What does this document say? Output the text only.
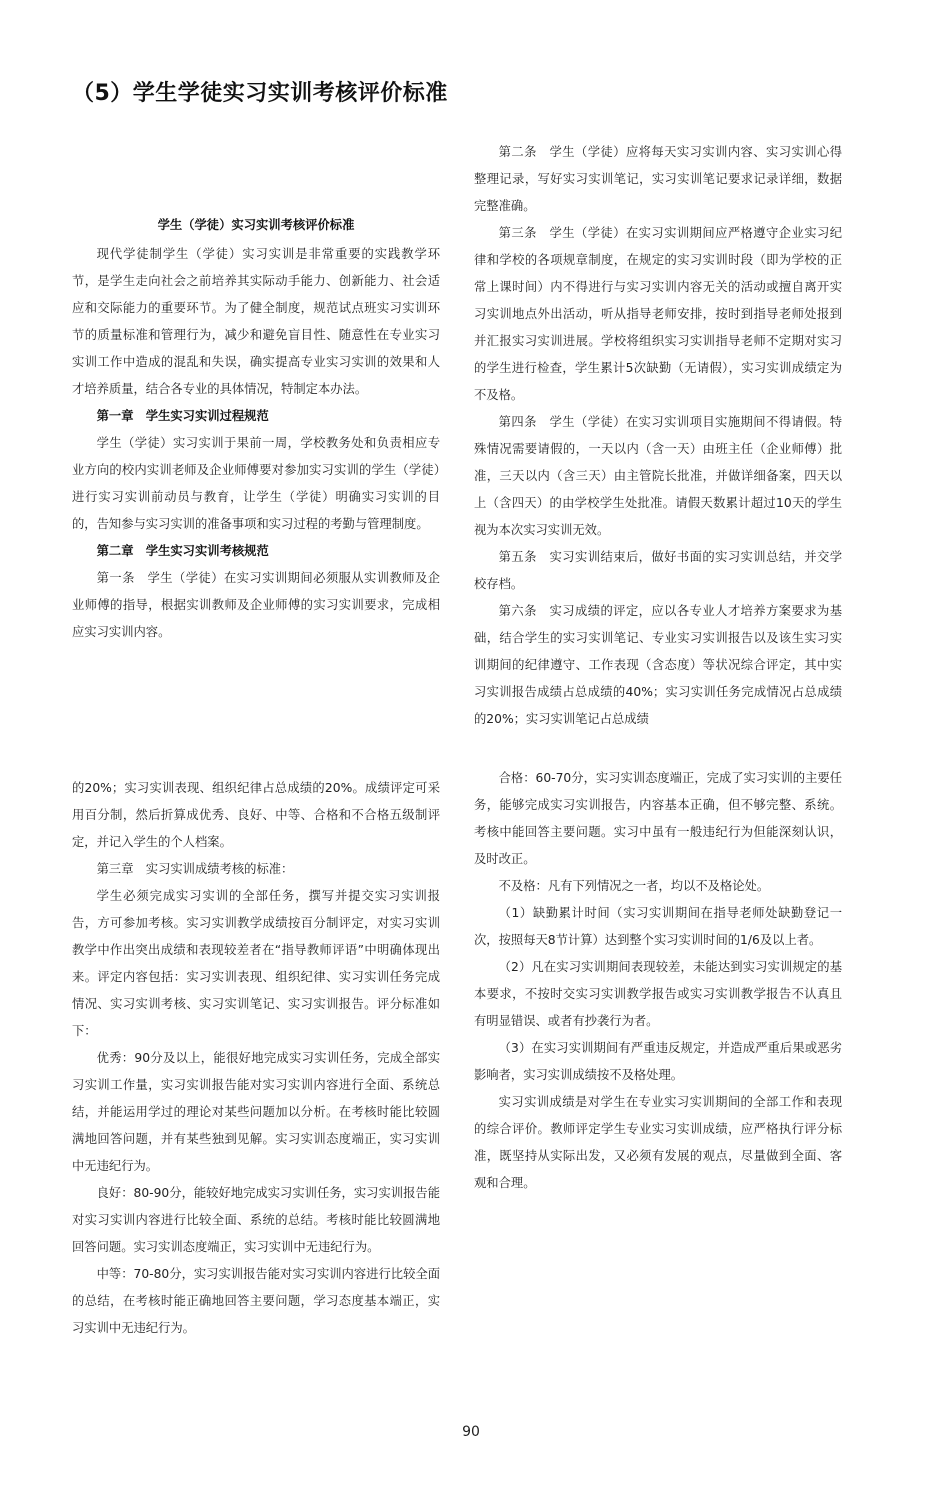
（5）学生学徒实习实训考核评价标准

学生（学徒）实习实训考核评价标准

现代学徒制学生（学徒）实习实训是非常重要的实践教学环节，是学生走向社会之前培养其实际动手能力、创新能力、社会适应和交际能力的重要环节。为了健全制度，规范试点班实习实训环节的质量标准和管理行为，减少和避免盲目性、随意性在专业实习实训工作中造成的混乱和失误，确实提高专业实习实训的效果和人才培养质量，结合各专业的具体情况，特制定本办法。

第一章　学生实习实训过程规范

学生（学徒）实习实训于果前一周，学校教务处和负责相应专业方向的校内实训老师及企业师傅要对参加实习实训的学生（学徒）进行实习实训前动员与教育，让学生（学徒）明确实习实训的目的，告知参与实习实训的准备事项和实习过程的考勤与管理制度。

第二章　学生实习实训考核规范

第一条　学生（学徒）在实习实训期间必须服从实训教师及企业师傅的指导，根据实训教师及企业师傅的实习实训要求，完成相应实习实训内容。

第二条　学生（学徒）应将每天实习实训内容、实习实训心得整理记录，写好实习实训笔记，实习实训笔记要求记录详细，数据完整准确。

第三条　学生（学徒）在实习实训期间应严格遵守企业实习纪律和学校的各项规章制度，在规定的实习实训时段（即为学校的正常上课时间）内不得进行与实习实训内容无关的活动或擅自离开实习实训地点外出活动，听从指导老师安排，按时到指导老师处报到并汇报实习实训进展。学校将组织实习实训指导老师不定期对实习的学生进行检查，学生累计5次缺勤（无请假），实习实训成绩定为不及格。

第四条　学生（学徒）在实习实训项目实施期间不得请假。特殊情况需要请假的，一天以内（含一天）由班主任（企业师傅）批准，三天以内（含三天）由主管院长批准，并做详细备案，四天以上（含四天）的由学校学生处批准。请假天数累计超过10天的学生视为本次实习实训无效。

第五条　实习实训结束后，做好书面的实习实训总结，并交学校存档。

第六条　实习成绩的评定，应以各专业人才培养方案要求为基础，结合学生的实习实训笔记、专业实习实训报告以及该生实习实训期间的纪律遵守、工作表现（含态度）等状况综合评定，其中实习实训报告成绩占总成绩的40%；实习实训任务完成情况占总成绩的20%；实习实训笔记占总成绩

的20%；实习实训表现、组织纪律占总成绩的20%。成绩评定可采用百分制，然后折算成优秀、良好、中等、合格和不合格五级制评定，并记入学生的个人档案。

第三章　实习实训成绩考核的标准：

学生必须完成实习实训的全部任务，撰写并提交实习实训报告，方可参加考核。实习实训教学成绩按百分制评定，对实习实训教学中作出突出成绩和表现较差者在“指导教师评语”中明确体现出来。评定内容包括：实习实训表现、组织纪律、实习实训任务完成情况、实习实训考核、实习实训笔记、实习实训报告。评分标准如下：

优秀：90分及以上，能很好地完成实习实训任务，完成全部实习实训工作量，实习实训报告能对实习实训内容进行全面、系统总结，并能运用学过的理论对某些问题加以分析。在考核时能比较圆满地回答问题，并有某些独到见解。实习实训态度端正，实习实训中无违纪行为。

良好：80-90分，能较好地完成实习实训任务，实习实训报告能对实习实训内容进行比较全面、系统的总结。考核时能比较圆满地回答问题。实习实训态度端正，实习实训中无违纪行为。

中等：70-80分，实习实训报告能对实习实训内容进行比较全面的总结，在考核时能正确地回答主要问题，学习态度基本端正，实习实训中无违纪行为。

合格：60-70分，实习实训态度端正，完成了实习实训的主要任务，能够完成实习实训报告，内容基本正确，但不够完整、系统。考核中能回答主要问题。实习中虽有一般违纪行为但能深刻认识，及时改正。

不及格：凡有下列情况之一者，均以不及格论处。

（1）缺勤累计时间（实习实训期间在指导老师处缺勤登记一次，按照每天8节计算）达到整个实习实训时间的1/6及以上者。

（2）凡在实习实训期间表现较差，未能达到实习实训规定的基本要求，不按时交实习实训教学报告或实习实训教学报告不认真且有明显错误、或者有抄袭行为者。

（3）在实习实训期间有严重违反规定，并造成严重后果或恶劣影响者，实习实训成绩按不及格处理。

实习实训成绩是对学生在专业实习实训期间的全部工作和表现的综合评价。教师评定学生专业实习实训成绩，应严格执行评分标准，既坚持从实际出发，又必须有发展的观点，尽量做到全面、客观和合理。

90
